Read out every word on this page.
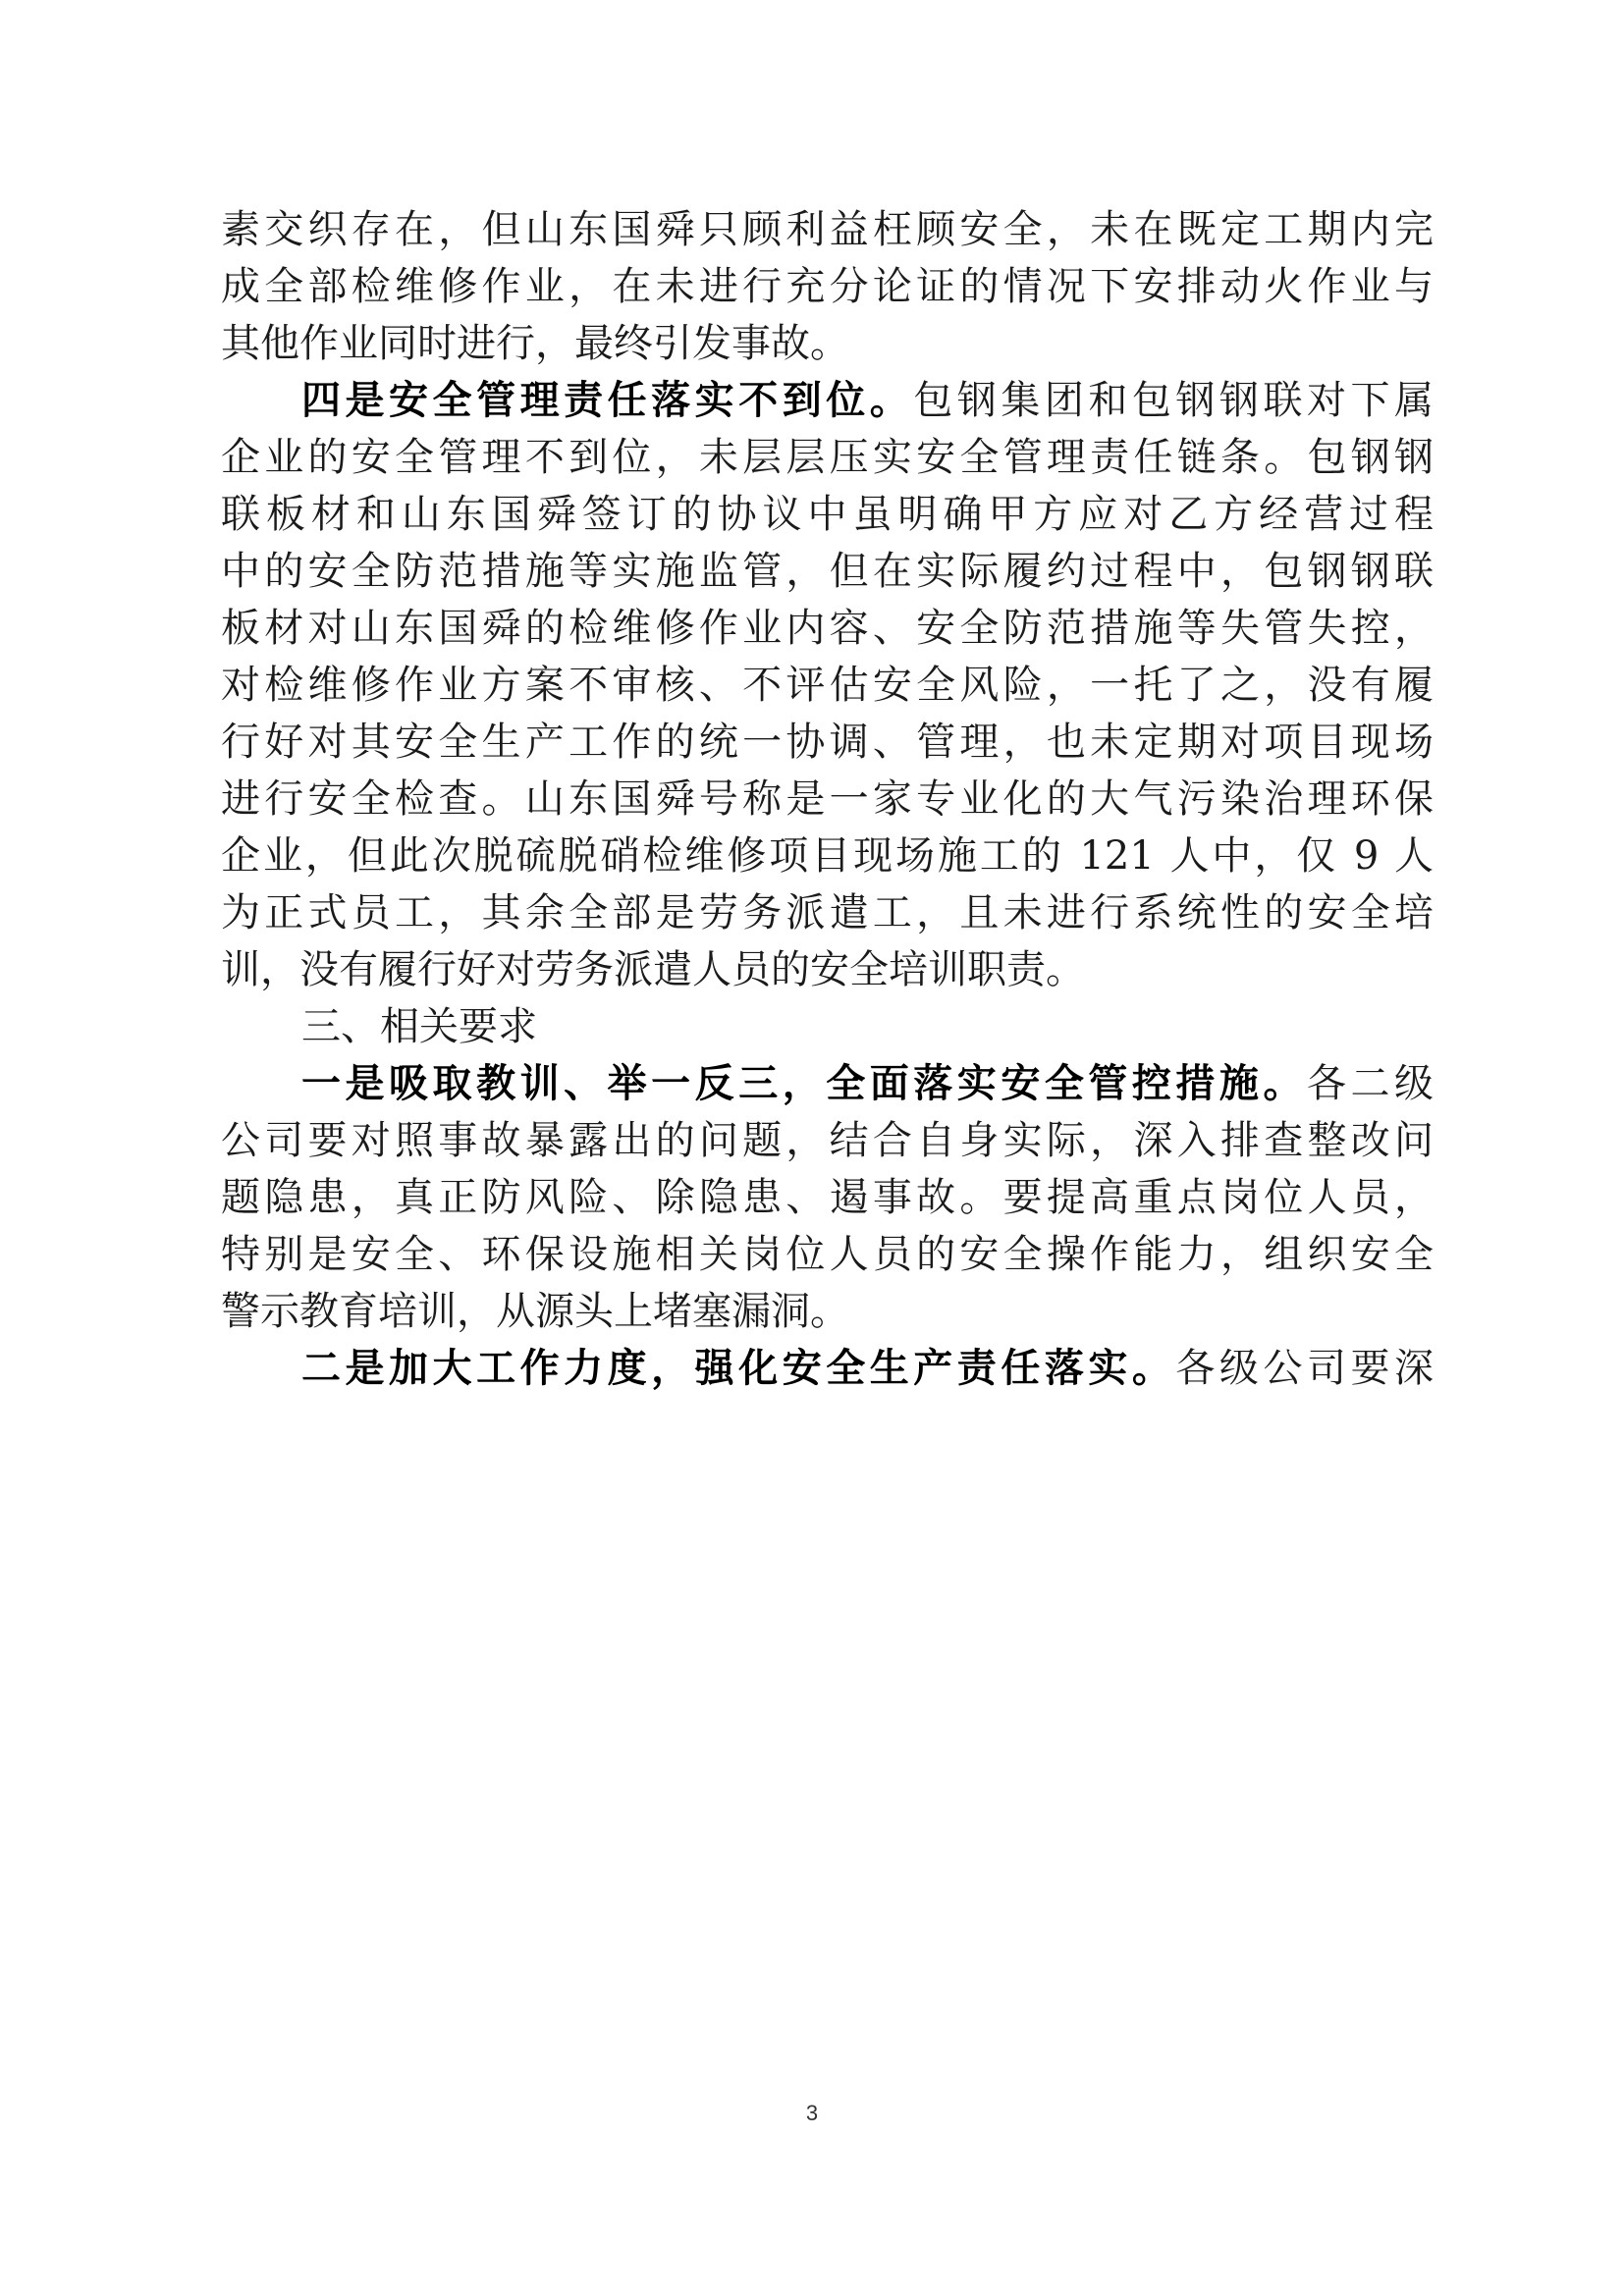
素交织存在，但山东国舜只顾利益枉顾安全，未在既定工期内完
成全部检维修作业，在未进行充分论证的情况下安排动火作业与
其他作业同时进行，最终引发事故。
四是安全管理责任落实不到位。包钢集团和包钢钢联对下属
企业的安全管理不到位，未层层压实安全管理责任链条。包钢钢
联板材和山东国舜签订的协议中虽明确甲方应对乙方经营过程
中的安全防范措施等实施监管，但在实际履约过程中，包钢钢联
板材对山东国舜的检维修作业内容、安全防范措施等失管失控，
对检维修作业方案不审核、不评估安全风险，一托了之，没有履
行好对其安全生产工作的统一协调、管理，也未定期对项目现场
进行安全检查。山东国舜号称是一家专业化的大气污染治理环保
企业，但此次脱硫脱硝检维修项目现场施工的 121 人中，仅 9 人
为正式员工，其余全部是劳务派遣工，且未进行系统性的安全培
训，没有履行好对劳务派遣人员的安全培训职责。
三、相关要求
一是吸取教训、举一反三，全面落实安全管控措施。各二级
公司要对照事故暴露出的问题，结合自身实际，深入排查整改问
题隐患，真正防风险、除隐患、遏事故。要提高重点岗位人员，
特别是安全、环保设施相关岗位人员的安全操作能力，组织安全
警示教育培训，从源头上堵塞漏洞。
二是加大工作力度，强化安全生产责任落实。各级公司要深
3
